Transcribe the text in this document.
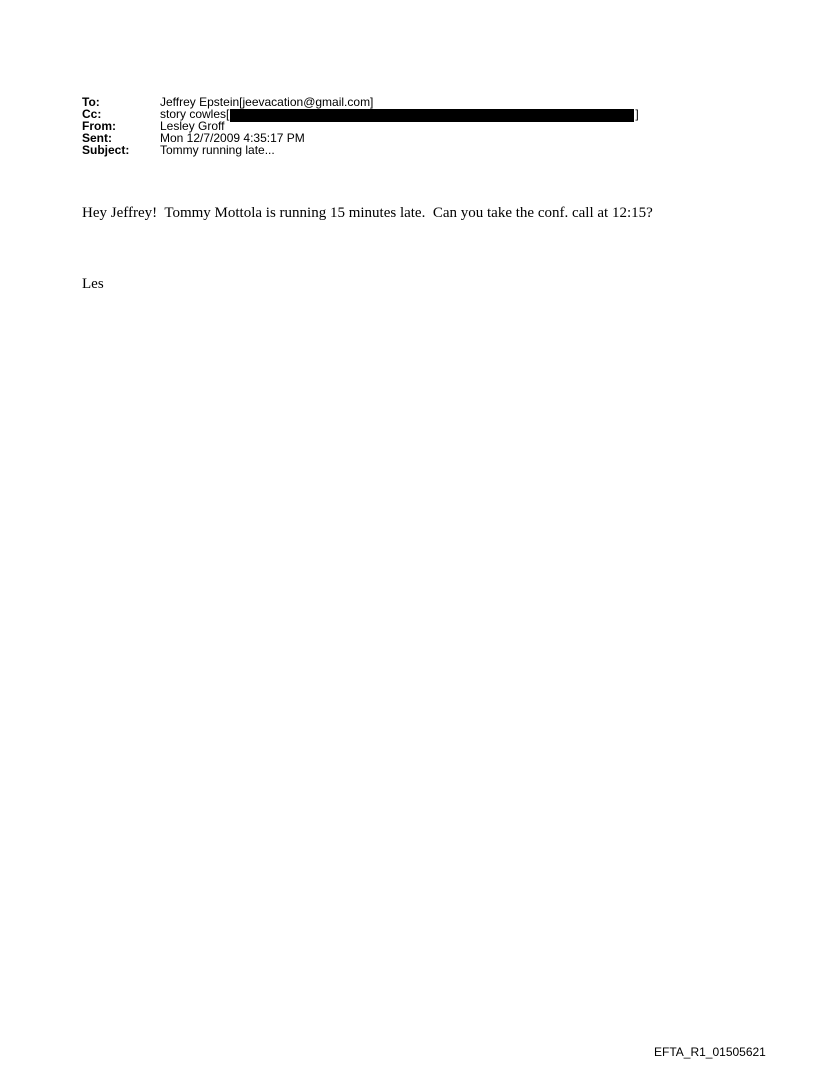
To:	Jeffrey Epstein[jeevacation@gmail.com]
Cc:	story cowles[	]
From:	Lesley Groff
Sent:	Mon 12/7/2009 4:35:17 PM
Subject:	Tommy running late...
Hey Jeffrey!  Tommy Mottola is running 15 minutes late.  Can you take the conf. call at 12:15?
Les
EFTA_R1_01505621
